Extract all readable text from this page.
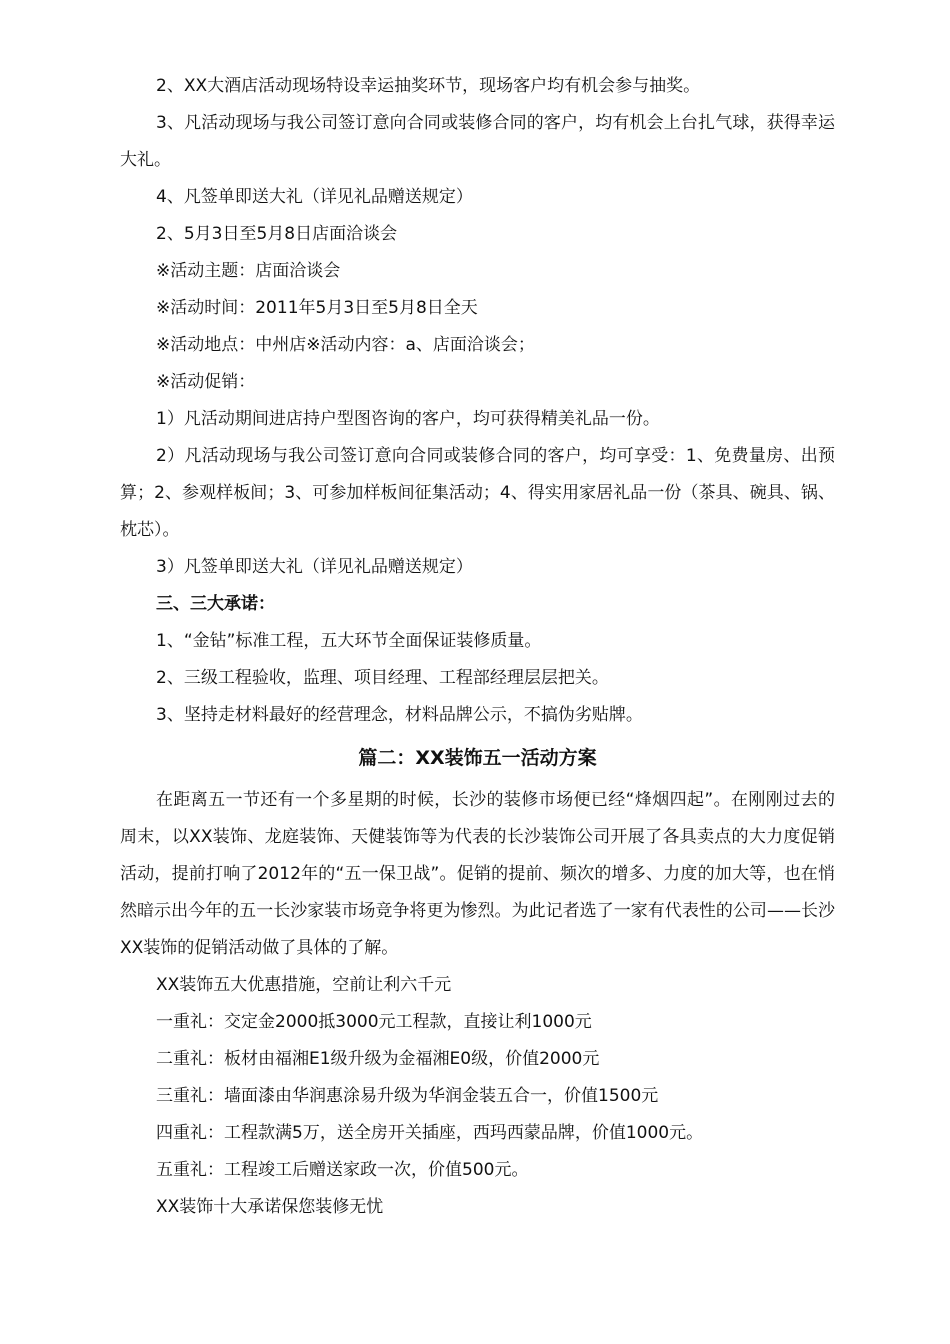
2、XX大酒店活动现场特设幸运抽奖环节，现场客户均有机会参与抽奖。

3、凡活动现场与我公司签订意向合同或装修合同的客户，均有机会上台扎气球，获得幸运大礼。

4、凡签单即送大礼（详见礼品赠送规定）

2、5月3日至5月8日店面洽谈会

※活动主题：店面洽谈会

※活动时间：2011年5月3日至5月8日全天

※活动地点：中州店※活动内容：a、店面洽谈会；

※活动促销：

1）凡活动期间进店持户型图咨询的客户，均可获得精美礼品一份。

2）凡活动现场与我公司签订意向合同或装修合同的客户，均可享受：1、免费量房、出预算；2、参观样板间；3、可参加样板间征集活动；4、得实用家居礼品一份（茶具、碗具、锅、枕芯）。

3）凡签单即送大礼（详见礼品赠送规定）

三、三大承诺：

1、“金钻”标准工程，五大环节全面保证装修质量。

2、三级工程验收，监理、项目经理、工程部经理层层把关。

3、坚持走材料最好的经营理念，材料品牌公示，不搞伪劣贴牌。

篇二：XX装饰五一活动方案

在距离五一节还有一个多星期的时候，长沙的装修市场便已经“烽烟四起”。在刚刚过去的周末，以XX装饰、龙庭装饰、天健装饰等为代表的长沙装饰公司开展了各具卖点的大力度促销活动，提前打响了2012年的“五一保卫战”。促销的提前、频次的增多、力度的加大等，也在悄然暗示出今年的五一长沙家装市场竞争将更为惨烈。为此记者选了一家有代表性的公司——长沙XX装饰的促销活动做了具体的了解。

XX装饰五大优惠措施，空前让利六千元

一重礼：交定金2000抵3000元工程款，直接让利1000元

二重礼：板材由福湘E1级升级为金福湘E0级，价值2000元

三重礼：墙面漆由华润惠涂易升级为华润金装五合一，价值1500元

四重礼：工程款满5万，送全房开关插座，西玛西蒙品牌，价值1000元。

五重礼：工程竣工后赠送家政一次，价值500元。

XX装饰十大承诺保您装修无忧
